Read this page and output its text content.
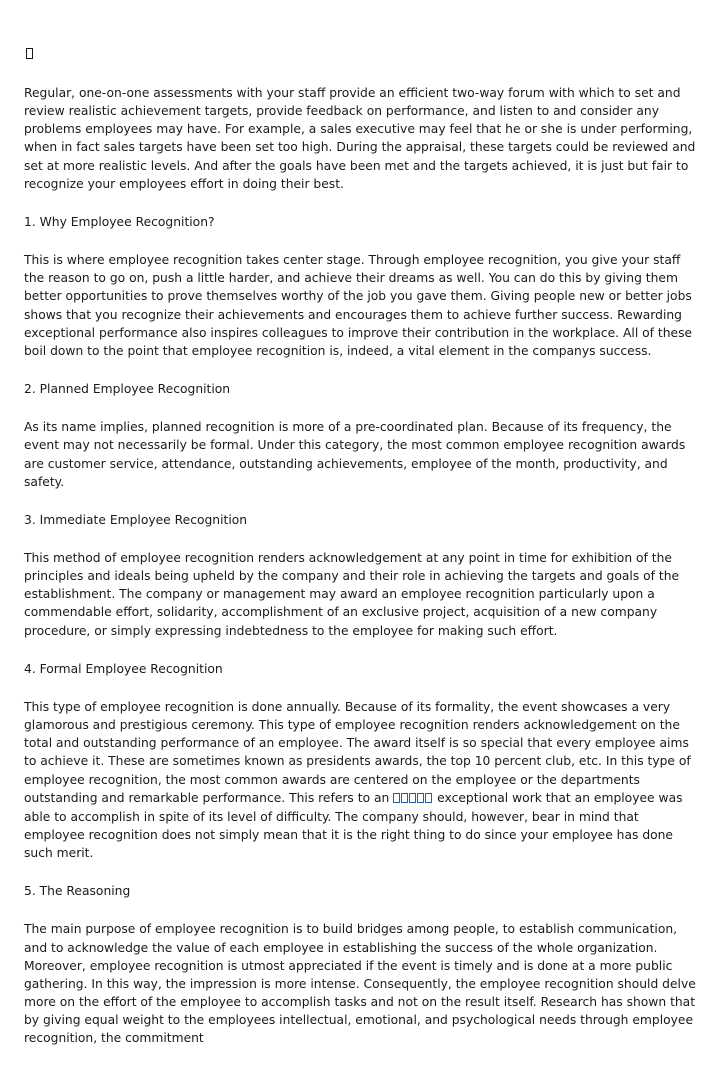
Regular, one-on-one assessments with your staff provide an efficient two-way forum with which to set and review realistic achievement targets, provide feedback on performance, and listen to and consider any problems employees may have. For example, a sales executive may feel that he or she is under performing, when in fact sales targets have been set too high. During the appraisal, these targets could be reviewed and set at more realistic levels. And after the goals have been met and the targets achieved, it is just but fair to recognize your employees effort in doing their best.

1. Why Employee Recognition?

This is where employee recognition takes center stage. Through employee recognition, you give your staff the reason to go on, push a little harder, and achieve their dreams as well. You can do this by giving them better opportunities to prove themselves worthy of the job you gave them. Giving people new or better jobs shows that you recognize their achievements and encourages them to achieve further success. Rewarding exceptional performance also inspires colleagues to improve their contribution in the workplace. All of these boil down to the point that employee recognition is, indeed, a vital element in the companys success.

2. Planned Employee Recognition

As its name implies, planned recognition is more of a pre-coordinated plan. Because of its frequency, the event may not necessarily be formal. Under this category, the most common employee recognition awards are customer service, attendance, outstanding achievements, employee of the month, productivity, and safety.

3. Immediate Employee Recognition

This method of employee recognition renders acknowledgement at any point in time for exhibition of the principles and ideals being upheld by the company and their role in achieving the targets and goals of the establishment. The company or management may award an employee recognition particularly upon a commendable effort, solidarity, accomplishment of an exclusive project, acquisition of a new company procedure, or simply expressing indebtedness to the employee for making such effort.

4. Formal Employee Recognition

This type of employee recognition is done annually. Because of its formality, the event showcases a very glamorous and prestigious ceremony. This type of employee recognition renders acknowledgement on the total and outstanding performance of an employee. The award itself is so special that every employee aims to achieve it. These are sometimes known as presidents awards, the top 10 percent club, etc. In this type of employee recognition, the most common awards are centered on the employee or the departments outstanding and remarkable performance. This refers to an	exceptional work that an employee was able to accomplish in spite of its level of difficulty. The company should, however, bear in mind that employee recognition does not simply mean that it is the right thing to do since your employee has done such merit.

5. The Reasoning

The main purpose of employee recognition is to build bridges among people, to establish communication, and to acknowledge the value of each employee in establishing the success of the whole organization. Moreover, employee recognition is utmost appreciated if the event is timely and is done at a more public gathering. In this way, the impression is more intense. Consequently, the employee recognition should delve more on the effort of the employee to accomplish tasks and not on the result itself. Research has shown that by giving equal weight to the employees intellectual, emotional, and psychological needs through employee recognition, the commitment
